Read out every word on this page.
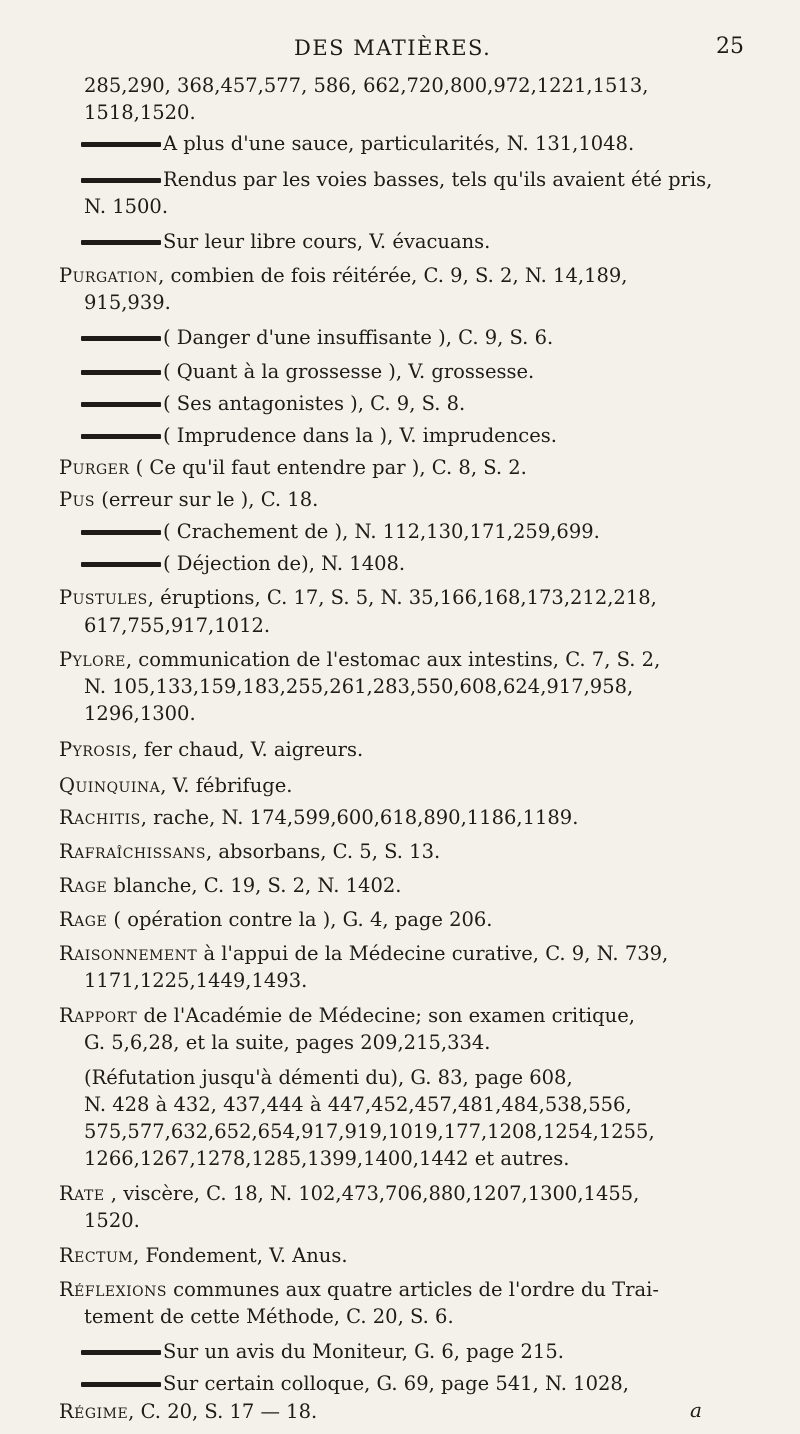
DES MATIÈRES.	25
285,290, 368,457,577, 586, 662,720,800,972,1221,1513,
1518,1520.
A plus d'une sauce, particularités, N. 131,1048.
Rendus par les voies basses, tels qu'ils avaient été pris,
N. 1500.
Sur leur libre cours, V. évacuans.
Purgation, combien de fois réitérée, C. 9, S. 2, N. 14,189,
915,939.
( Danger d'une insuffisante ), C. 9, S. 6.
( Quant à la grossesse ), V. grossesse.
( Ses antagonistes ), C. 9, S. 8.
( Imprudence dans la ), V. imprudences.
Purger ( Ce qu'il faut entendre par ), C. 8, S. 2.
Pus (erreur sur le ), C. 18.
( Crachement de ), N. 112,130,171,259,699.
( Déjection de), N. 1408.
Pustules, éruptions, C. 17, S. 5, N. 35,166,168,173,212,218,
617,755,917,1012.
Pylore, communication de l'estomac aux intestins, C. 7, S. 2,
N. 105,133,159,183,255,261,283,550,608,624,917,958,
1296,1300.
Pyrosis, fer chaud, V. aigreurs.
Quinquina, V. fébrifuge.
Rachitis, rache, N. 174,599,600,618,890,1186,1189.
Rafraîchissans, absorbans, C. 5, S. 13.
Rage blanche, C. 19, S. 2, N. 1402.
Rage ( opération contre la ), G. 4, page 206.
Raisonnement à l'appui de la Médecine curative, C. 9, N. 739,
1171,1225,1449,1493.
Rapport de l'Académie de Médecine; son examen critique,
G. 5,6,28, et la suite, pages 209,215,334.
(Réfutation jusqu'à démenti du), G. 83, page 608,
N. 428 à 432, 437,444 à 447,452,457,481,484,538,556,
575,577,632,652,654,917,919,1019,177,1208,1254,1255,
1266,1267,1278,1285,1399,1400,1442 et autres.
Rate , viscère, C. 18, N. 102,473,706,880,1207,1300,1455,
1520.
Rectum, Fondement, V. Anus.
Réflexions communes aux quatre articles de l'ordre du Trai-
tement de cette Méthode, C. 20, S. 6.
Sur un avis du Moniteur, G. 6, page 215.
Sur certain colloque, G. 69, page 541, N. 1028,
Régime, C. 20, S. 17 — 18.	a
